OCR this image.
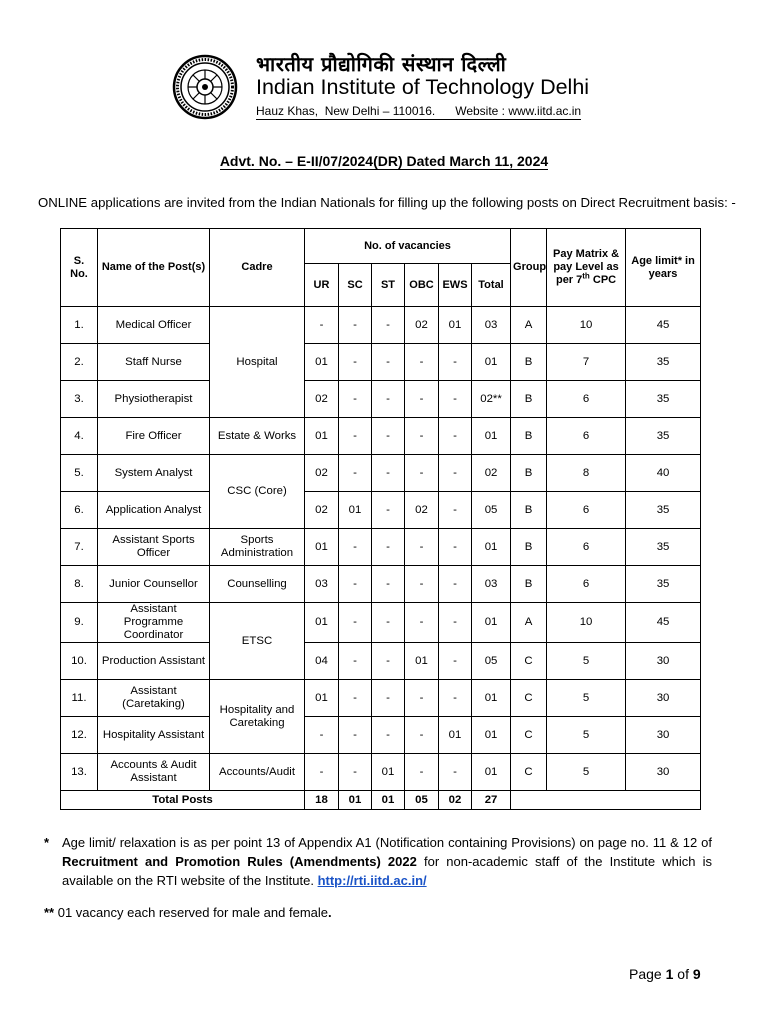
भारतीय प्रौद्योगिकी संस्थान दिल्ली
Indian Institute of Technology Delhi
Hauz Khas,  New Delhi – 110016.      Website : www.iitd.ac.in
Advt. No. – E-II/07/2024(DR) Dated March 11, 2024
ONLINE applications are invited from the Indian Nationals for filling up the following posts on Direct Recruitment basis: -
S.
No.	Name of the Post(s)	Cadre	No. of vacancies						Group	Pay Matrix & pay Level as per 7th CPC	Age limit* in years
			UR	SC	ST	OBC	EWS	Total			
1.	Medical Officer	Hospital	-	-	-	02	01	03	A	10	45
2.	Staff Nurse		01	-	-	-	-	01	B	7	35
3.	Physiotherapist		02	-	-	-	-	02**	B	6	35
4.	Fire Officer	Estate & Works	01	-	-	-	-	01	B	6	35
5.	System Analyst	CSC (Core)	02	-	-	-	-	02	B	8	40
6.	Application Analyst		02	01	-	02	-	05	B	6	35
7.	Assistant Sports Officer	Sports Administration	01	-	-	-	-	01	B	6	35
8.	Junior Counsellor	Counselling	03	-	-	-	-	03	B	6	35
9.	Assistant Programme Coordinator	ETSC	01	-	-	-	-	01	A	10	45
10.	Production Assistant		04	-	-	01	-	05	C	5	30
11.	Assistant (Caretaking)	Hospitality and Caretaking	01	-	-	-	-	01	C	5	30
12.	Hospitality Assistant		-	-	-	-	01	01	C	5	30
13.	Accounts & Audit Assistant	Accounts/Audit	-	-	01	-	-	01	C	5	30
Total Posts			18	01	01	05	02	27			
* Age limit/ relaxation is as per point 13 of Appendix A1 (Notification containing Provisions) on page no. 11 & 12 of Recruitment and Promotion Rules (Amendments) 2022 for non-academic staff of the Institute which is available on the RTI website of the Institute. http://rti.iitd.ac.in/
** 01 vacancy each reserved for male and female.
Page 1 of 9
